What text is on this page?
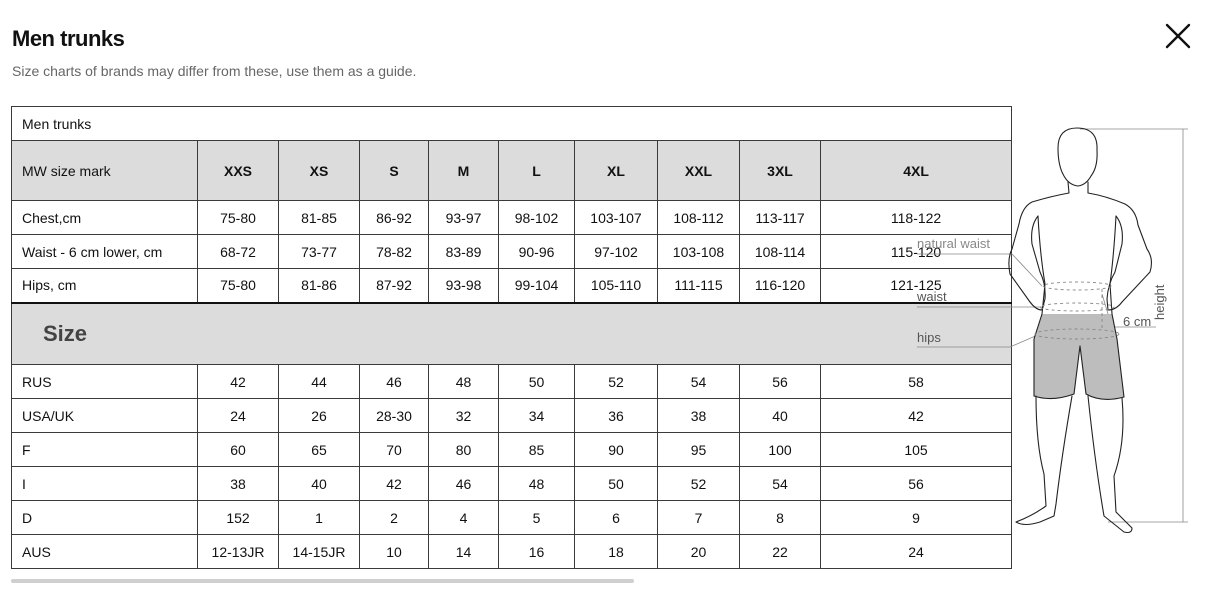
Men trunks

Size charts of brands may differ from these, use them as a guide.

Men trunks									
MW size mark	XXS	XS	S	M	L	XL	XXL	3XL	4XL
Chest,cm	75-80	81-85	86-92	93-97	98-102	103-107	108-112	113-117	118-122
Waist - 6 cm lower, cm	68-72	73-77	78-82	83-89	90-96	97-102	103-108	108-114	115-120
Hips, cm	75-80	81-86	87-92	93-98	99-104	105-110	111-115	116-120	121-125
Size									
RUS	42	44	46	48	50	52	54	56	58
USA/UK	24	26	28-30	32	34	36	38	40	42
F	60	65	70	80	85	90	95	100	105
I	38	40	42	46	48	50	52	54	56
D	152	1	2	4	5	6	7	8	9
AUS	12-13JR	14-15JR	10	14	16	18	20	22	24
natural waist
waist
hips
6 cm
height
